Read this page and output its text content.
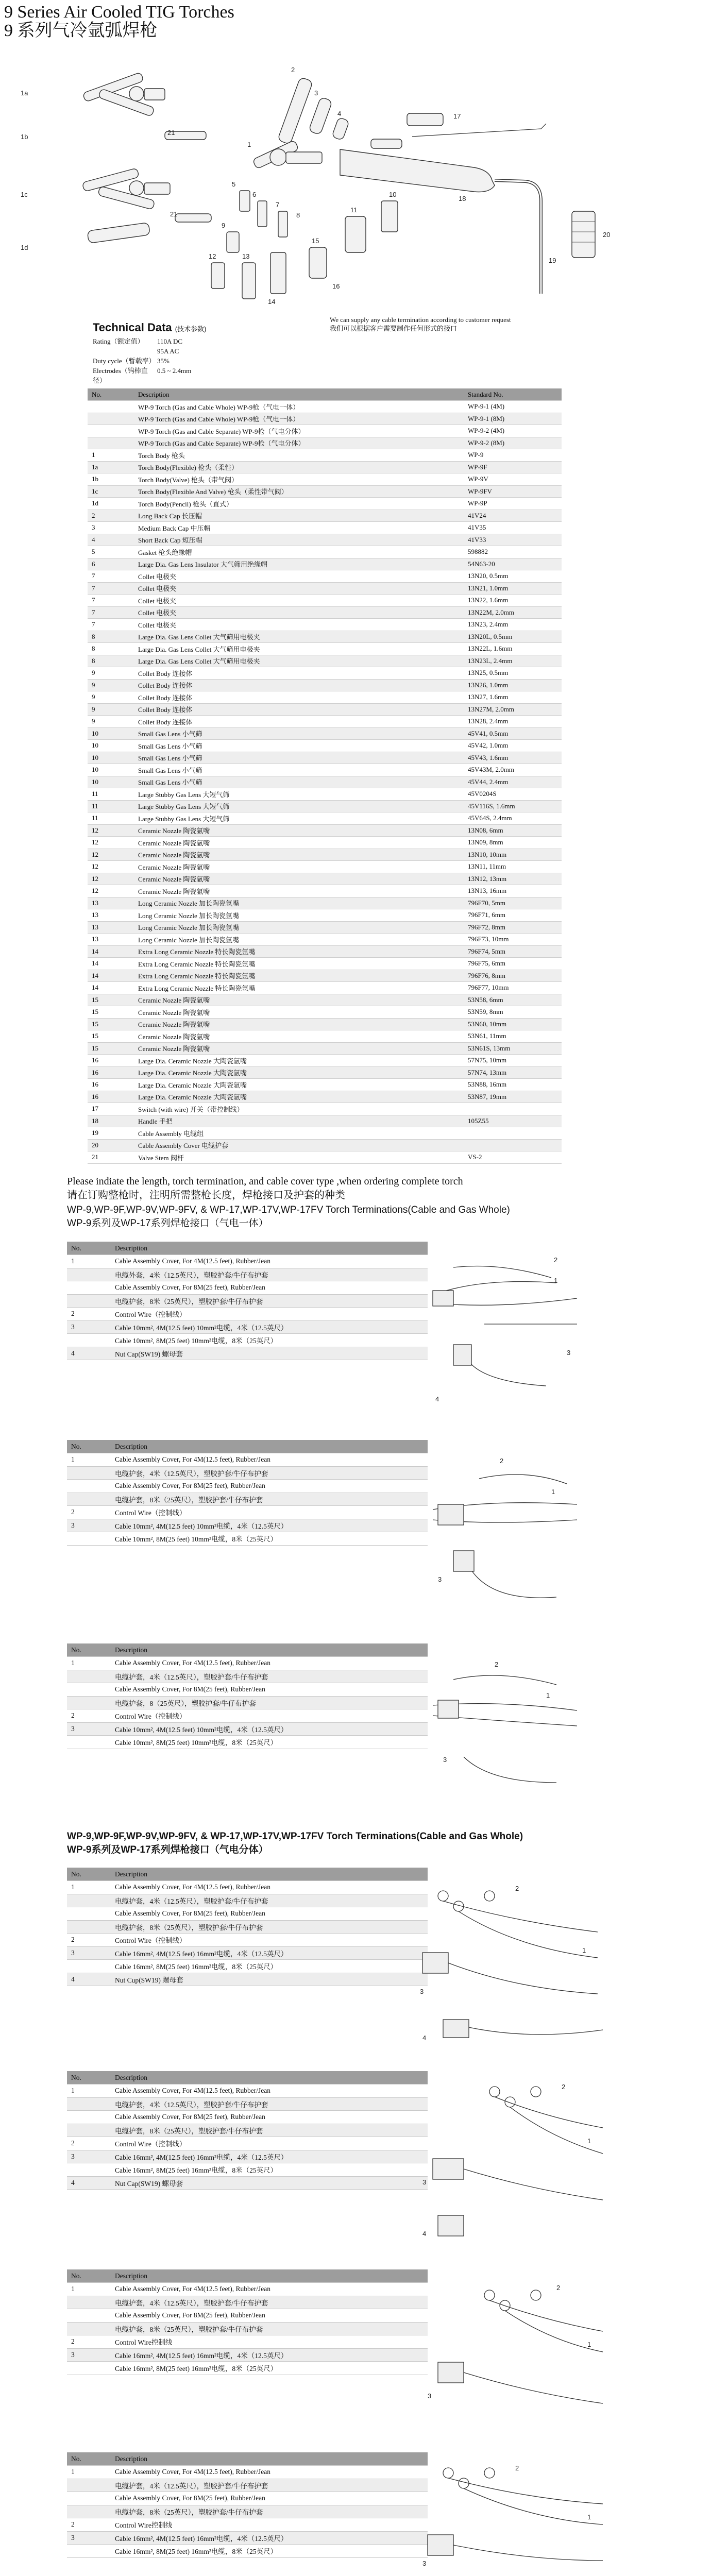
9 Series Air Cooled TIG Torches
9 系列气冷氩弧焊枪
1a
21
1b
1c
21
1d
2
3
4
5
6
7
8
9
10
11
12	13
14
15
16
17
18
19
20
1
Technical Data (技术参数)
Rating（额定值）	110A DC
95A AC
Duty cycle（暂载率） 35%
Electrodes（钨棒直径）
0.5 ~ 2.4mm
We can supply any cable termination according to customer request
我们可以根据客户需要制作任何形式的接口
No.	Description	Standard No.
	WP-9 Torch (Gas and Cable Whole) WP-9枪（气电一体）	WP-9-1 (4M)
	WP-9 Torch (Gas and Cable Whole) WP-9枪（气电一体）	WP-9-1 (8M)
	WP-9 Torch (Gas and Cable Separate) WP-9枪（气电分体）	WP-9-2 (4M)
	WP-9 Torch (Gas and Cable Separate) WP-9枪（气电分体）	WP-9-2 (8M)
1	Torch Body 枪头	WP-9
1a	Torch Body(Flexible) 枪头（柔性）	WP-9F
1b	Torch Body(Valve) 枪头（带气阀）	WP-9V
1c	Torch Body(Flexible And Valve) 枪头（柔性带气阀）	WP-9FV
1d	Torch Body(Pencil) 枪头（直式）	WP-9P
2	Long Back Cap 长压帽	41V24
3	Medium Back Cap 中压帽	41V35
4	Short Back Cap 短压帽	41V33
5	Gasket 枪头绝缘帽	598882
6	Large Dia. Gas Lens Insulator 大气筛用绝缘帽	54N63-20
7	Collet 电极夹	13N20, 0.5mm
7	Collet 电极夹	13N21, 1.0mm
7	Collet 电极夹	13N22, 1.6mm
7	Collet 电极夹	13N22M, 2.0mm
7	Collet 电极夹	13N23, 2.4mm
8	Large Dia. Gas Lens Collet 大气筛用电极夹	13N20L, 0.5mm
8	Large Dia. Gas Lens Collet 大气筛用电极夹	13N22L, 1.6mm
8	Large Dia. Gas Lens Collet 大气筛用电极夹	13N23L, 2.4mm
9	Collet Body 连接体	13N25, 0.5mm
9	Collet Body 连接体	13N26, 1.0mm
9	Collet Body 连接体	13N27, 1.6mm
9	Collet Body 连接体	13N27M, 2.0mm
9	Collet Body 连接体	13N28, 2.4mm
10	Small Gas Lens 小气筛	45V41, 0.5mm
10	Small Gas Lens 小气筛	45V42, 1.0mm
10	Small Gas Lens 小气筛	45V43, 1.6mm
10	Small Gas Lens 小气筛	45V43M, 2.0mm
10	Small Gas Lens 小气筛	45V44, 2.4mm
11	Large Stubby Gas Lens 大短气筛	45V0204S
11	Large Stubby Gas Lens 大短气筛	45V116S, 1.6mm
11	Large Stubby Gas Lens 大短气筛	45V64S, 2.4mm
12	Ceramic Nozzle 陶瓷氩嘴	13N08, 6mm
12	Ceramic Nozzle 陶瓷氩嘴	13N09, 8mm
12	Ceramic Nozzle 陶瓷氩嘴	13N10, 10mm
12	Ceramic Nozzle 陶瓷氩嘴	13N11, 11mm
12	Ceramic Nozzle 陶瓷氩嘴	13N12, 13mm
12	Ceramic Nozzle 陶瓷氩嘴	13N13, 16mm
13	Long Ceramic Nozzle 加长陶瓷氩嘴	796F70, 5mm
13	Long Ceramic Nozzle 加长陶瓷氩嘴	796F71, 6mm
13	Long Ceramic Nozzle 加长陶瓷氩嘴	796F72, 8mm
13	Long Ceramic Nozzle 加长陶瓷氩嘴	796F73, 10mm
14	Extra Long Ceramic Nozzle 特长陶瓷氩嘴	796F74, 5mm
14	Extra Long Ceramic Nozzle 特长陶瓷氩嘴	796F75, 6mm
14	Extra Long Ceramic Nozzle 特长陶瓷氩嘴	796F76, 8mm
14	Extra Long Ceramic Nozzle 特长陶瓷氩嘴	796F77, 10mm
15	Ceramic Nozzle 陶瓷氩嘴	53N58, 6mm
15	Ceramic Nozzle 陶瓷氩嘴	53N59, 8mm
15	Ceramic Nozzle 陶瓷氩嘴	53N60, 10mm
15	Ceramic Nozzle 陶瓷氩嘴	53N61, 11mm
15	Ceramic Nozzle 陶瓷氩嘴	53N61S, 13mm
16	Large Dia. Ceramic Nozzle 大陶瓷氩嘴	57N75, 10mm
16	Large Dia. Ceramic Nozzle 大陶瓷氩嘴	57N74, 13mm
16	Large Dia. Ceramic Nozzle 大陶瓷氩嘴	53N88, 16mm
16	Large Dia. Ceramic Nozzle 大陶瓷氩嘴	53N87, 19mm
17	Switch (with wire) 开关（带控制线）	
18	Handle 手把	105Z55
19	Cable Assembly 电缆组	
20	Cable Assembly Cover 电缆护套	
21	Valve Stem 阀杆	VS-2
Please indiate the length, torch termination, and cable cover type ,when ordering complete torch
请在订购整枪时，注明所需整枪长度，焊枪接口及护套的种类
WP-9,WP-9F,WP-9V,WP-9FV, & WP-17,WP-17V,WP-17FV Torch Terminations(Cable and Gas Whole)
WP-9系列及WP-17系列焊枪接口（气电一体）
No.	Description
1	Cable Assembly Cover, For 4M(12.5 feet), Rubber/Jean
	电缆外套，4米（12.5英尺），塑胶护套/牛仔布护套
	Cable Assembly Cover, For 8M(25 feet), Rubber/Jean
	电缆护套，8米（25英尺），塑胶护套/牛仔布护套
2	Control Wire（控制线）
3	Cable 10mm², 4M(12.5 feet) 10mm²电缆，4米（12.5英尺）
	Cable 10mm², 8M(25 feet) 10mm²电缆，8米（25英尺）
4	Nut Cap(SW19) 螺母套
No.	Description
1	Cable Assembly Cover, For 4M(12.5 feet), Rubber/Jean
	电缆护套，4米（12.5英尺），塑胶护套/牛仔布护套
	Cable Assembly Cover, For 8M(25 feet), Rubber/Jean
	电缆护套，8米（25英尺），塑胶护套/牛仔布护套
2	Control Wire（控制线）
3	Cable 10mm², 4M(12.5 feet) 10mm²电缆，4米（12.5英尺）
	Cable 10mm², 8M(25 feet) 10mm²电缆，8米（25英尺）
No.	Description
1	Cable Assembly Cover, For 4M(12.5 feet), Rubber/Jean
	电缆护套，4米（12.5英尺），塑胶护套/牛仔布护套
	Cable Assembly Cover, For 8M(25 feet), Rubber/Jean
	电缆护套，8（25英尺），塑胶护套/牛仔布护套
2	Control Wire（控制线）
3	Cable 10mm², 4M(12.5 feet) 10mm²电缆，4米（12.5英尺）
	Cable 10mm², 8M(25 feet) 10mm²电缆，8米（25英尺）
WP-9,WP-9F,WP-9V,WP-9FV, & WP-17,WP-17V,WP-17FV Torch Terminations(Cable and Gas Whole)
WP-9系列及WP-17系列焊枪接口（气电分体）
No.	Description
1	Cable Assembly Cover, For 4M(12.5 feet), Rubber/Jean
	电缆护套，4米（12.5英尺），塑胶护套/牛仔布护套
	Cable Assembly Cover, For 8M(25 feet), Rubber/Jean
	电缆护套，8米（25英尺），塑胶护套/牛仔布护套
2	Control Wire（控制线）
3	Cable 16mm², 4M(12.5 feet) 16mm²电缆，4米（12.5英尺）
	Cable 16mm², 8M(25 feet) 16mm²电缆，8米（25英尺）
4	Nut Cup(SW19) 螺母套
No.	Description
1	Cable Assembly Cover, For 4M(12.5 feet), Rubber/Jean
	电缆护套，4米（12.5英尺），塑胶护套/牛仔布护套
	Cable Assembly Cover, For 8M(25 feet), Rubber/Jean
	电缆护套，8米（25英尺），塑胶护套/牛仔布护套
2	Control Wire（控制线）
3	Cable 16mm², 4M(12.5 feet) 16mm²电缆，4米（12.5英尺）
	Cable 16mm², 8M(25 feet) 16mm²电缆，8米（25英尺）
4	Nut Cap(SW19) 螺母套
No.	Description
1	Cable Assembly Cover, For 4M(12.5 feet), Rubber/Jean
	电缆护套，4米（12.5英尺），塑胶护套/牛仔布护套
	Cable Assembly Cover, For 8M(25 feet), Rubber/Jean
	电缆护套，8米（25英尺），塑胶护套/牛仔布护套
2	Control Wire控制线
3	Cable 16mm², 4M(12.5 feet) 16mm²电缆，4米（12.5英尺）
	Cable 16mm², 8M(25 feet) 16mm²电缆，8米（25英尺）
No.	Description
1	Cable Assembly Cover, For 4M(12.5 feet), Rubber/Jean
	电缆护套，4米（12.5英尺），塑胶护套/牛仔布护套
	Cable Assembly Cover, For 8M(25 feet), Rubber/Jean
	电缆护套，8米（25英尺），塑胶护套/牛仔布护套
2	Control Wire控制线
3	Cable 16mm², 4M(12.5 feet) 16mm²电缆，4米（12.5英尺）
	Cable 16mm², 8M(25 feet) 16mm²电缆，8米（25英尺）
2
1
3
4
2
1
3
2
1
3
2
1
3
4
2
1
3
4
2
1
3
2
1
3
